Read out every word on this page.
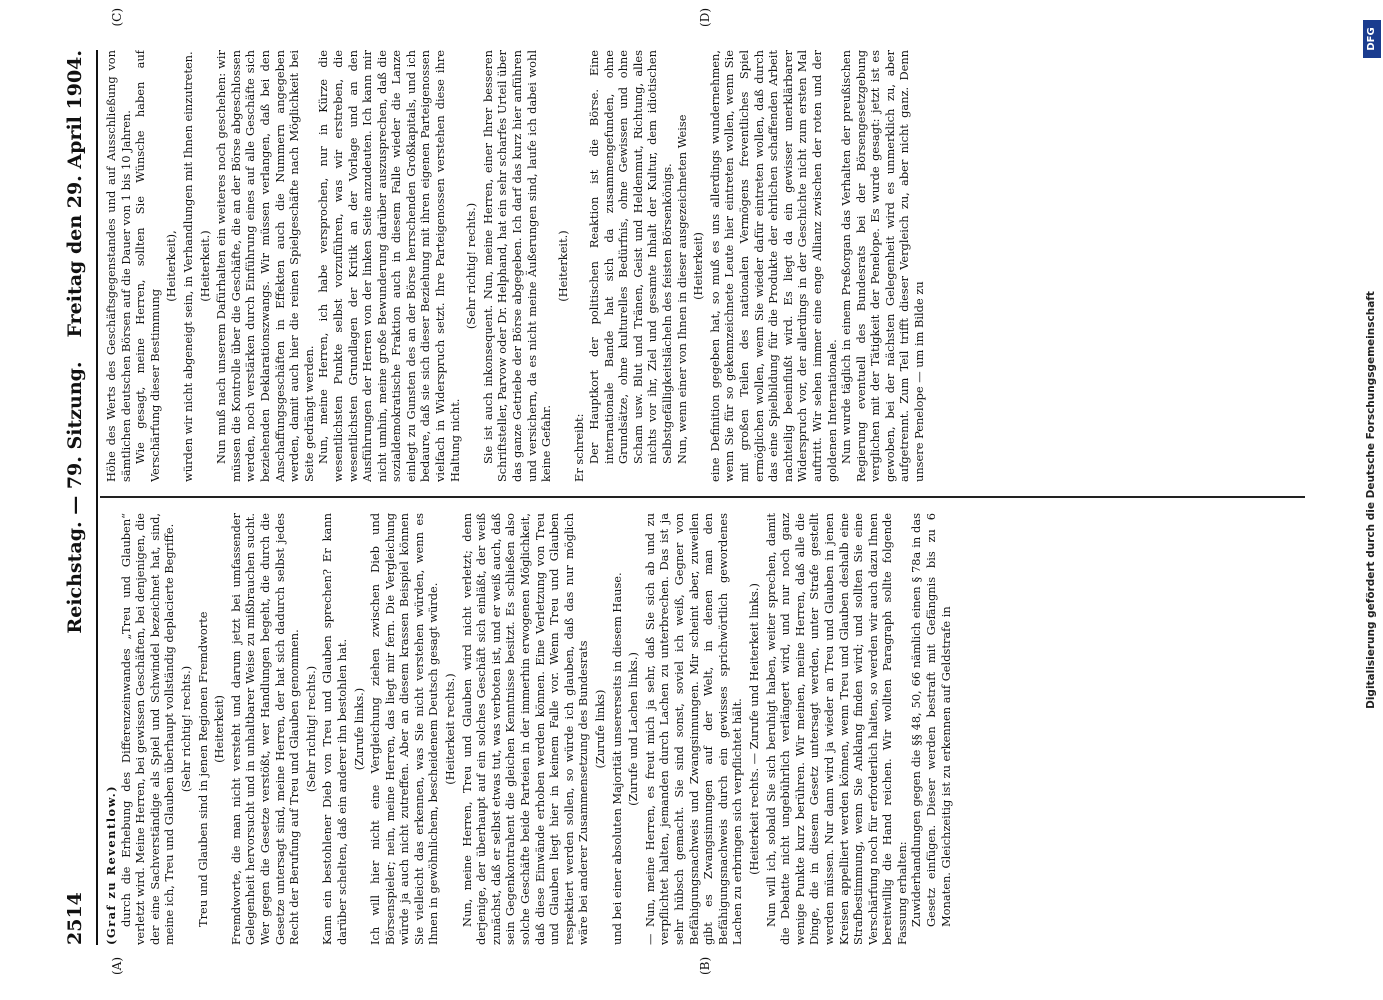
2514
Reichstag. — 79. Sitzung.
Freitag den 29. April 1904.
(A)	(B)
(C)	(D)

(Graf zu Reventlow.) durch die Erhebung des Differenzeinwandes „Treu und Glauben“ verletzt wird. Meine Herren, bei gewissen Geschäften, bei denjenigen, die der eine Sachverständige als Spiel und Schwindel bezeichnet hat, sind, meine ich, Treu und Glauben überhaupt vollständig deplacierte Begriffe. (Sehr richtig! rechts.) Treu und Glauben sind in jenen Regionen Fremdworte (Heiterkeit) Fremdworte, die man nicht versteht und darum jetzt bei umfassender Gelegenheit hervorsucht und in unhaltbarer Weise zu mißbrauchen sucht. Wer gegen die Gesetze verstößt, wer Handlungen begeht, die durch die Gesetze untersagt sind, meine Herren, der hat sich dadurch selbst jedes Recht der Berufung auf Treu und Glauben genommen. (Sehr richtig! rechts.) Kann ein bestohlener Dieb von Treu und Glauben sprechen? Er kann darüber schelten, daß ein anderer ihn bestohlen hat. (Zurufe links.) Ich will hier nicht eine Vergleichung ziehen zwischen Dieb und Börsenspieler; nein, meine Herren, das liegt mir fern. Die Vergleichung würde ja auch nicht zutreffen. Aber an diesem krassen Beispiel können Sie vielleicht das erkennen, was Sie nicht verstehen würden, wenn es Ihnen in gewöhnlichem, bescheidenem Deutsch gesagt würde. (Heiterkeit rechts.) Nun, meine Herren, Treu und Glauben wird nicht verletzt; denn derjenige, der überhaupt auf ein solches Geschäft sich einläßt, der weiß zunächst, daß er selbst etwas tut, was verboten ist, und er weiß auch, daß sein Gegenkontrahent die gleichen Kenntnisse besitzt. Es schließen also solche Geschäfte beide Parteien in der immerhin erwogenen Möglichkeit, daß diese Einwände erhoben werden können. Eine Verletzung von Treu und Glauben liegt hier in keinem Falle vor. Wenn Treu und Glauben respektiert werden sollen, so würde ich glauben, daß das nur möglich wäre bei anderer Zusammensetzung des Bundesrats (Zurufe links) und bei einer absoluten Majorität unsererseits in diesem Hause. (Zurufe und Lachen links.) — Nun, meine Herren, es freut mich ja sehr, daß Sie sich ab und zu verpflichtet halten, jemanden durch Lachen zu unterbrechen. Das ist ja sehr hübsch gemacht. Sie sind sonst, soviel ich weiß, Gegner von Befähigungsnachweis und Zwangsinnungen. Mir scheint aber, zuweilen gibt es Zwangsinnungen auf der Welt, in denen man den Befähigungsnachweis durch ein gewisses sprichwörtlich gewordenes Lachen zu erbringen sich verpflichtet hält. (Heiterkeit rechts. — Zurufe und Heiterkeit links.) Nun will ich, sobald Sie sich beruhigt haben, weiter sprechen, damit die Debatte nicht ungebührlich verlängert wird, und nur noch ganz wenige Punkte kurz berühren. Wir meinen, meine Herren, daß alle die Dinge, die in diesem Gesetz untersagt werden, unter Strafe gestellt werden müssen. Nur dann wird ja wieder an Treu und Glauben in jenen Kreisen appelliert werden können, wenn Treu und Glauben deshalb eine Strafbestimmung, wenn Sie Anklang finden wird; und sollten Sie eine Verschärfung noch für erforderlich halten, so werden wir auch dazu Ihnen bereitwillig die Hand reichen. Wir wollten Paragraph sollte folgende Fassung erhalten: Zuwiderhandlungen gegen die §§ 48, 50, 66 nämlich einen § 78a in das Gesetz einfügen. Dieser werden bestraft mit Gefängnis bis zu 6 Monaten. Gleichzeitig ist zu erkennen auf Geldstrafe in

Höhe des Werts des Geschäftsgegenstandes und auf Ausschließung von sämtlichen deutschen Börsen auf die Dauer von 1 bis 10 Jahren. Wie gesagt, meine Herren, sollten Sie Wünsche haben auf Verschärfung dieser Bestimmung

(Heiterkeit), würden wir nicht abgeneigt sein, in Verhandlungen mit Ihnen einzutreten. (Heiterkeit.) Nun muß nach unserem Dafürhalten ein weiteres noch geschehen: wir müssen die Kontrolle über die Geschäfte, die an der Börse abgeschlossen werden, noch verstärken durch Einführung eines auf alle Geschäfte sich beziehenden Deklarationszwangs. Wir müssen verlangen, daß bei den Anschaffungsgeschäften in Effekten auch die Nummern angegeben werden, damit auch hier die reinen Spielgeschäfte nach Möglichkeit bei Seite gedrängt werden. Nun, meine Herren, ich habe versprochen, nur in Kürze die wesentlichsten Punkte selbst vorzuführen, was wir erstreben, die wesentlichsten Grundlagen der Kritik an der Vorlage und an den Ausführungen der Herren von der linken Seite anzudeuten. Ich kann mir nicht umhin, meine große Bewunderung darüber auszusprechen, daß die sozialdemokratische Fraktion auch in diesem Falle wieder die Lanze einlegt zu Gunsten des an der Börse herrschenden Großkapitals, und ich bedaure, daß sie sich dieser Beziehung mit ihren eigenen Parteigenossen vielfach in Widerspruch setzt. Ihre Parteigenossen verstehen diese ihre Haltung nicht.

(Sehr richtig! rechts.) Sie ist auch inkonsequent. Nun, meine Herren, einer Ihrer besseren Schriftsteller, Parvow oder Dr. Helphand, hat ein sehr scharfes Urteil über das ganze Getriebe der Börse abgegeben. Ich darf das kurz hier anführen und versichern, da es nicht meine Äußerungen sind, laufe ich dabei wohl keine Gefahr.

(Heiterkeit.)

Er schreibt: Der Hauptkort der politischen Reaktion ist die Börse. Eine internationale Bande hat sich da zusammengefunden, ohne Grundsätze, ohne kulturelles Bedürfnis, ohne Gewissen und ohne Scham usw. Blut und Tränen, Geist und Heldenmut, Richtung, alles nichts vor ihr, Ziel und gesamte Inhalt der Kultur, dem idiotischen Selbstgefälligkeitslächeln des feisten Börsenkönigs. Nun, wenn einer von Ihnen in dieser ausgezeichneten Weise (Heiterkeit) eine Definition gegeben hat, so muß es uns allerdings wundernehmen, wenn Sie für so gekennzeichnete Leute hier eintreten wollen, wenn Sie mit großen Teilen des nationalen Vermögens freventliches Spiel ermöglichen wollen, wenn Sie wieder dafür eintreten wollen, daß durch das eine Spielbildung für die Produkte der ehrlichen schaffenden Arbeit nachteilig beeinflußt wird. Es liegt da ein gewisser unerklärbarer Widerspruch vor, der allerdings in der Geschichte nicht zum ersten Mal auftritt. Wir sehen immer eine enge Allianz zwischen der roten und der goldenen Internationale. Nun wurde täglich in einem Preßorgan das Verhalten der preußischen Regierung eventuell des Bundesrats bei der Börsengesetzgebung verglichen mit der Tätigkeit der Penelope. Es wurde gesagt: jetzt ist es gewoben, bei der nächsten Gelegenheit wird es unmerklich zu, aber aufgetrennt. Zum Teil trifft dieser Vergleich zu, aber nicht ganz. Denn unsere Penelope — um im Bilde zu	Digitalisierung gefördert durch die Deutsche Forschungsgemeinschaft
DFG
